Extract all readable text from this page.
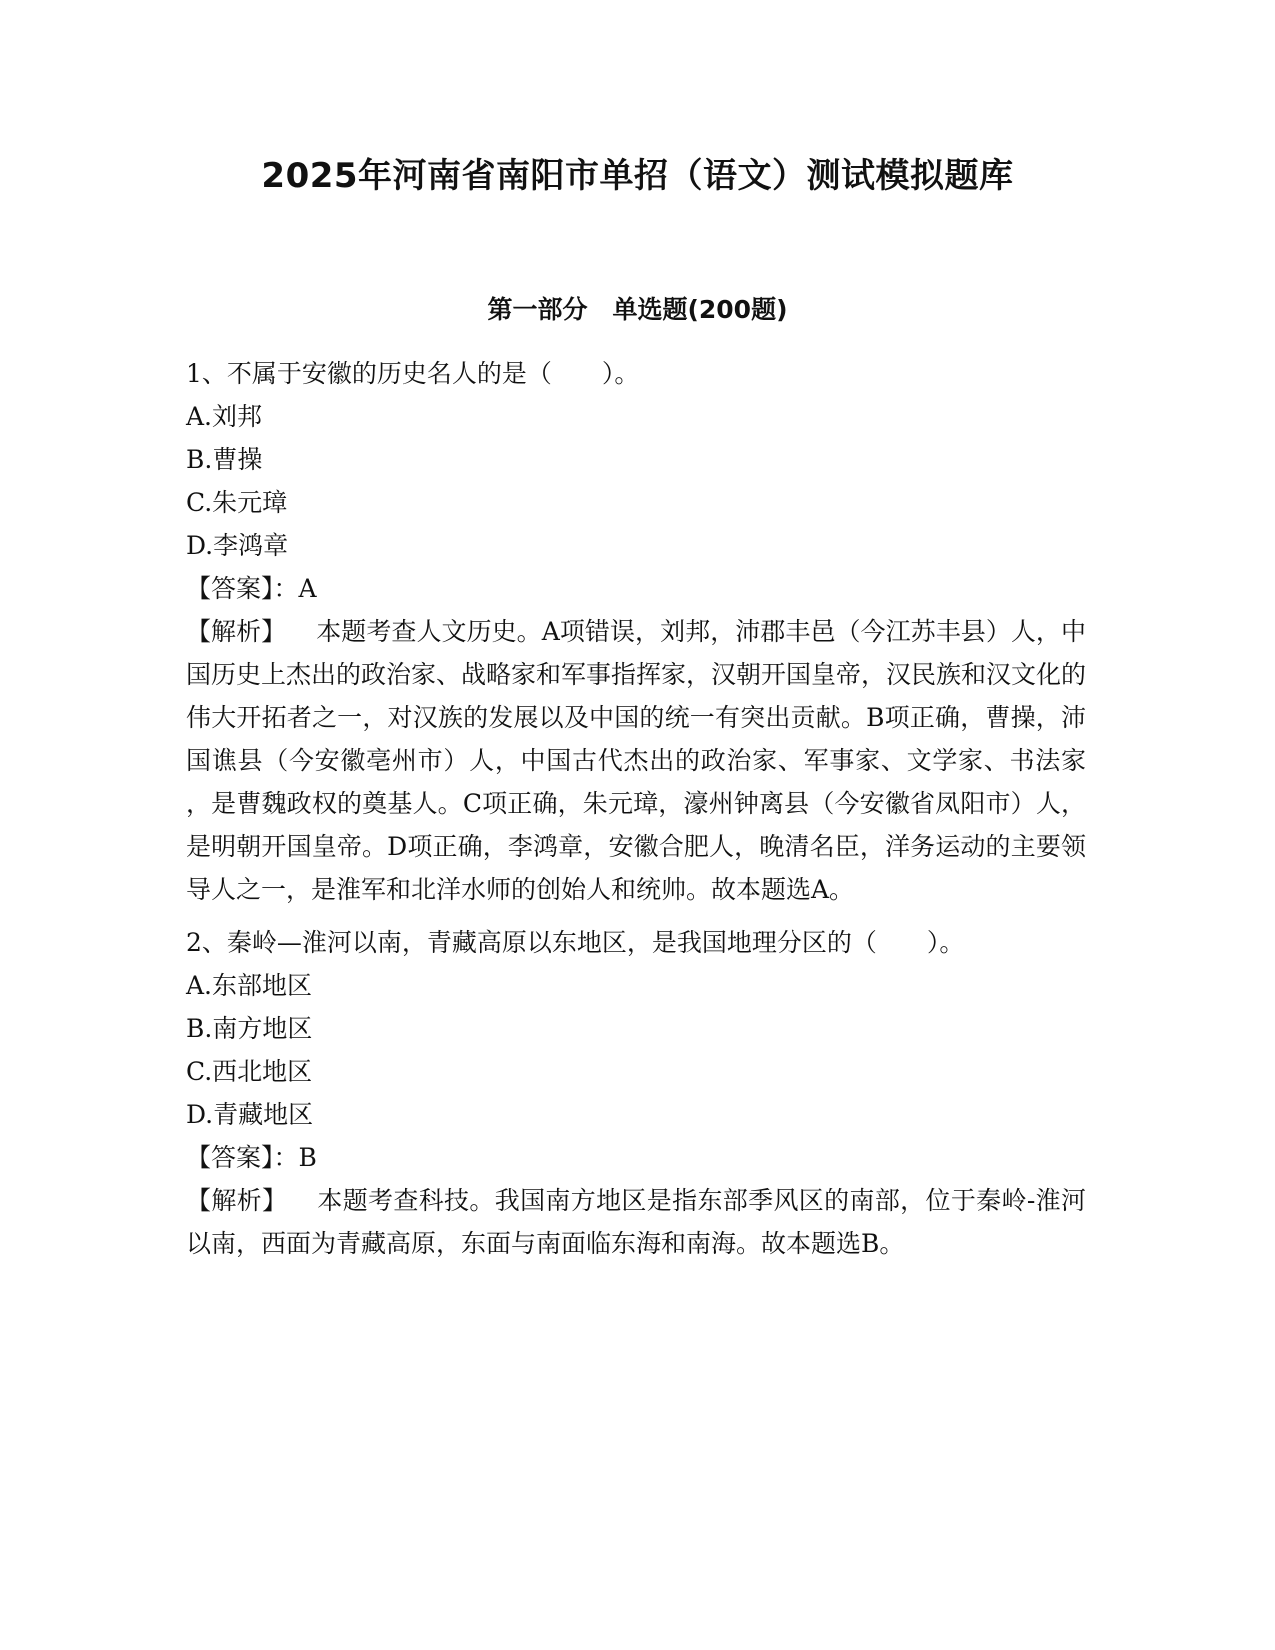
2025年河南省南阳市单招（语文）测试模拟题库
第一部分　单选题(200题)

1、不属于安徽的历史名人的是（　　）。

A.刘邦

B.曹操

C.朱元璋

D.李鸿章

【答案】：A

【解析】 本题考查人文历史。A项错误，刘邦，沛郡丰邑（今江苏丰县）人，中国历史上杰出的政治家、战略家和军事指挥家，汉朝开国皇帝，汉民族和汉文化的伟大开拓者之一，对汉族的发展以及中国的统一有突出贡献。B项正确，曹操，沛国谯县（今安徽亳州市）人，中国古代杰出的政治家、军事家、文学家、书法家 ，是曹魏政权的奠基人。C项正确，朱元璋，濠州钟离县（今安徽省凤阳市）人，是明朝开国皇帝。D项正确，李鸿章，安徽合肥人，晚清名臣，洋务运动的主要领导人之一，是淮军和北洋水师的创始人和统帅。故本题选A。

2、秦岭—淮河以南，青藏高原以东地区，是我国地理分区的（　　）。

A.东部地区

B.南方地区

C.西北地区

D.青藏地区

【答案】：B

【解析】 本题考查科技。我国南方地区是指东部季风区的南部，位于秦岭-淮河以南，西面为青藏高原，东面与南面临东海和南海。故本题选B。
